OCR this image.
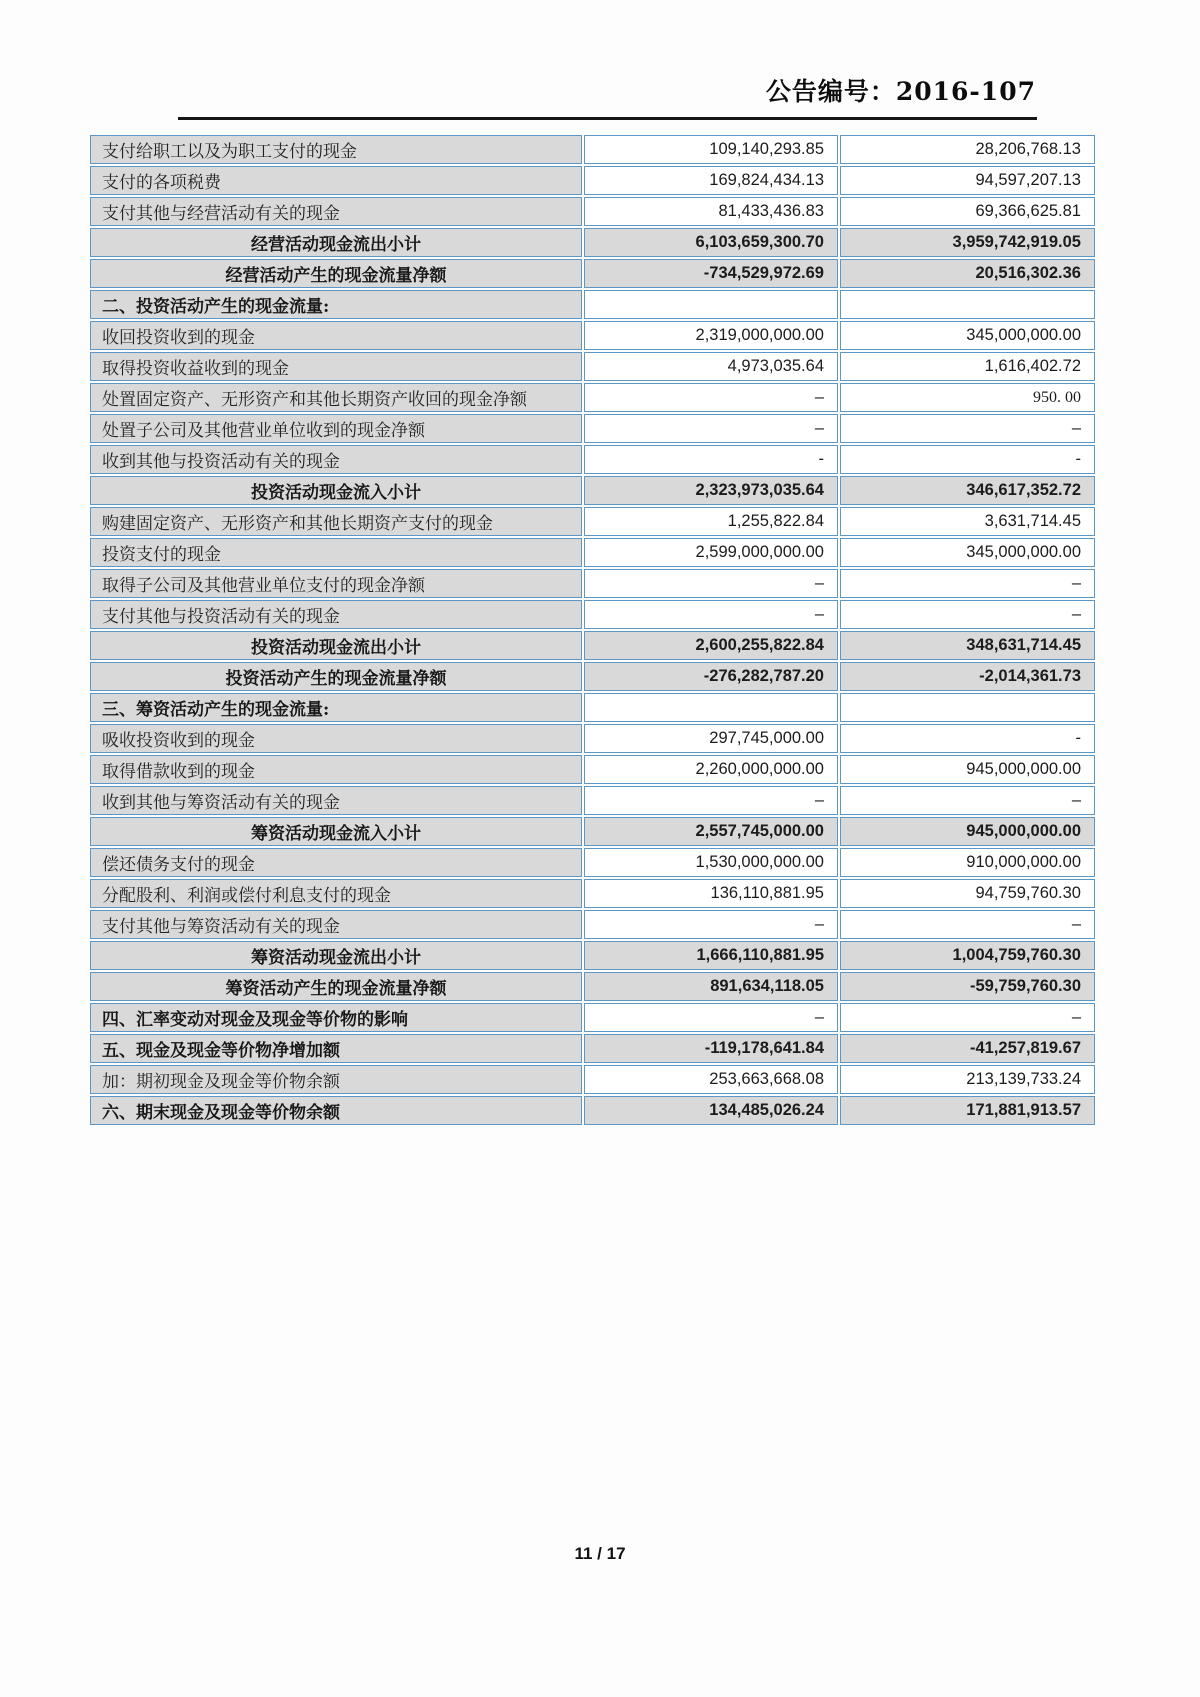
公告编号：2016-107
支付给职工以及为职工支付的现金	109,140,293.85	28,206,768.13
支付的各项税费	169,824,434.13	94,597,207.13
支付其他与经营活动有关的现金	81,433,436.83	69,366,625.81
经营活动现金流出小计	6,103,659,300.70	3,959,742,919.05
经营活动产生的现金流量净额	-734,529,972.69	20,516,302.36
二、投资活动产生的现金流量:		
收回投资收到的现金	2,319,000,000.00	345,000,000.00
取得投资收益收到的现金	4,973,035.64	1,616,402.72
处置固定资产、无形资产和其他长期资产收回的现金净额	–	950. 00
处置子公司及其他营业单位收到的现金净额	–	–
收到其他与投资活动有关的现金	-	-
投资活动现金流入小计	2,323,973,035.64	346,617,352.72
购建固定资产、无形资产和其他长期资产支付的现金	1,255,822.84	3,631,714.45
投资支付的现金	2,599,000,000.00	345,000,000.00
取得子公司及其他营业单位支付的现金净额	–	–
支付其他与投资活动有关的现金	–	–
投资活动现金流出小计	2,600,255,822.84	348,631,714.45
投资活动产生的现金流量净额	-276,282,787.20	-2,014,361.73
三、筹资活动产生的现金流量:		
吸收投资收到的现金	297,745,000.00	-
取得借款收到的现金	2,260,000,000.00	945,000,000.00
收到其他与筹资活动有关的现金	–	–
筹资活动现金流入小计	2,557,745,000.00	945,000,000.00
偿还债务支付的现金	1,530,000,000.00	910,000,000.00
分配股利、利润或偿付利息支付的现金	136,110,881.95	94,759,760.30
支付其他与筹资活动有关的现金	–	–
筹资活动现金流出小计	1,666,110,881.95	1,004,759,760.30
筹资活动产生的现金流量净额	891,634,118.05	-59,759,760.30
四、汇率变动对现金及现金等价物的影响	–	–
五、现金及现金等价物净增加额	-119,178,641.84	-41,257,819.67
加：期初现金及现金等价物余额	253,663,668.08	213,139,733.24
六、期末现金及现金等价物余额	134,485,026.24	171,881,913.57
11 / 17
